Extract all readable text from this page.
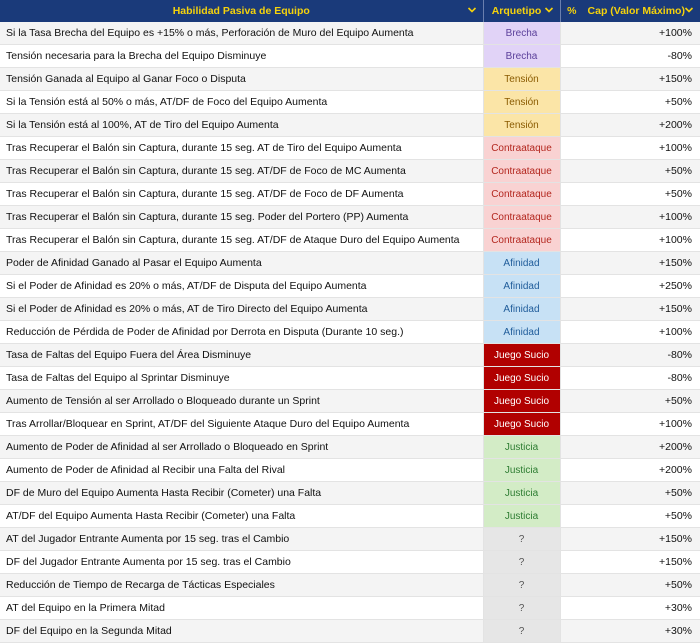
Habilidad Pasiva de Equipo	Arquetipo	%	Cap (Valor Máximo)

Si la Tasa Brecha del Equipo es +15% o más, Perforación de Muro del Equipo Aumenta	Brecha		+100%
Tensión necesaria para la Brecha del Equipo Disminuye	Brecha		-80%
Tensión Ganada al Equipo al Ganar Foco o Disputa	Tensión		+150%
Si la Tensión está al 50% o más, AT/DF de Foco del Equipo Aumenta	Tensión		+50%
Si la Tensión está al 100%, AT de Tiro del Equipo Aumenta	Tensión		+200%
Tras Recuperar el Balón sin Captura, durante 15 seg. AT de Tiro del Equipo Aumenta	Contraataque		+100%
Tras Recuperar el Balón sin Captura, durante 15 seg. AT/DF de Foco de MC Aumenta	Contraataque		+50%
Tras Recuperar el Balón sin Captura, durante 15 seg. AT/DF de Foco de DF Aumenta	Contraataque		+50%
Tras Recuperar el Balón sin Captura, durante 15 seg. Poder del Portero (PP) Aumenta	Contraataque		+100%
Tras Recuperar el Balón sin Captura, durante 15 seg. AT/DF de Ataque Duro del Equipo Aumenta	Contraataque		+100%
Poder de Afinidad Ganado al Pasar el Equipo Aumenta	Afinidad		+150%
Si el Poder de Afinidad es 20% o más, AT/DF de Disputa del Equipo Aumenta	Afinidad		+250%
Si el Poder de Afinidad es 20% o más, AT de Tiro Directo del Equipo Aumenta	Afinidad		+150%
Reducción de Pérdida de Poder de Afinidad por Derrota en Disputa (Durante 10 seg.)	Afinidad		+100%
Tasa de Faltas del Equipo Fuera del Área Disminuye	Juego Sucio		-80%
Tasa de Faltas del Equipo al Sprintar Disminuye	Juego Sucio		-80%
Aumento de Tensión al ser Arrollado o Bloqueado durante un Sprint	Juego Sucio		+50%
Tras Arrollar/Bloquear en Sprint, AT/DF del Siguiente Ataque Duro del Equipo Aumenta	Juego Sucio		+100%
Aumento de Poder de Afinidad al ser Arrollado o Bloqueado en Sprint	Justicia		+200%
Aumento de Poder de Afinidad al Recibir una Falta del Rival	Justicia		+200%
DF de Muro del Equipo Aumenta Hasta Recibir (Cometer) una Falta	Justicia		+50%
AT/DF del Equipo Aumenta Hasta Recibir (Cometer) una Falta	Justicia		+50%
AT del Jugador Entrante Aumenta por 15 seg. tras el Cambio	?		+150%
DF del Jugador Entrante Aumenta por 15 seg. tras el Cambio	?		+150%
Reducción de Tiempo de Recarga de Tácticas Especiales	?		+50%
AT del Equipo en la Primera Mitad	?		+30%
DF del Equipo en la Segunda Mitad	?		+30%
